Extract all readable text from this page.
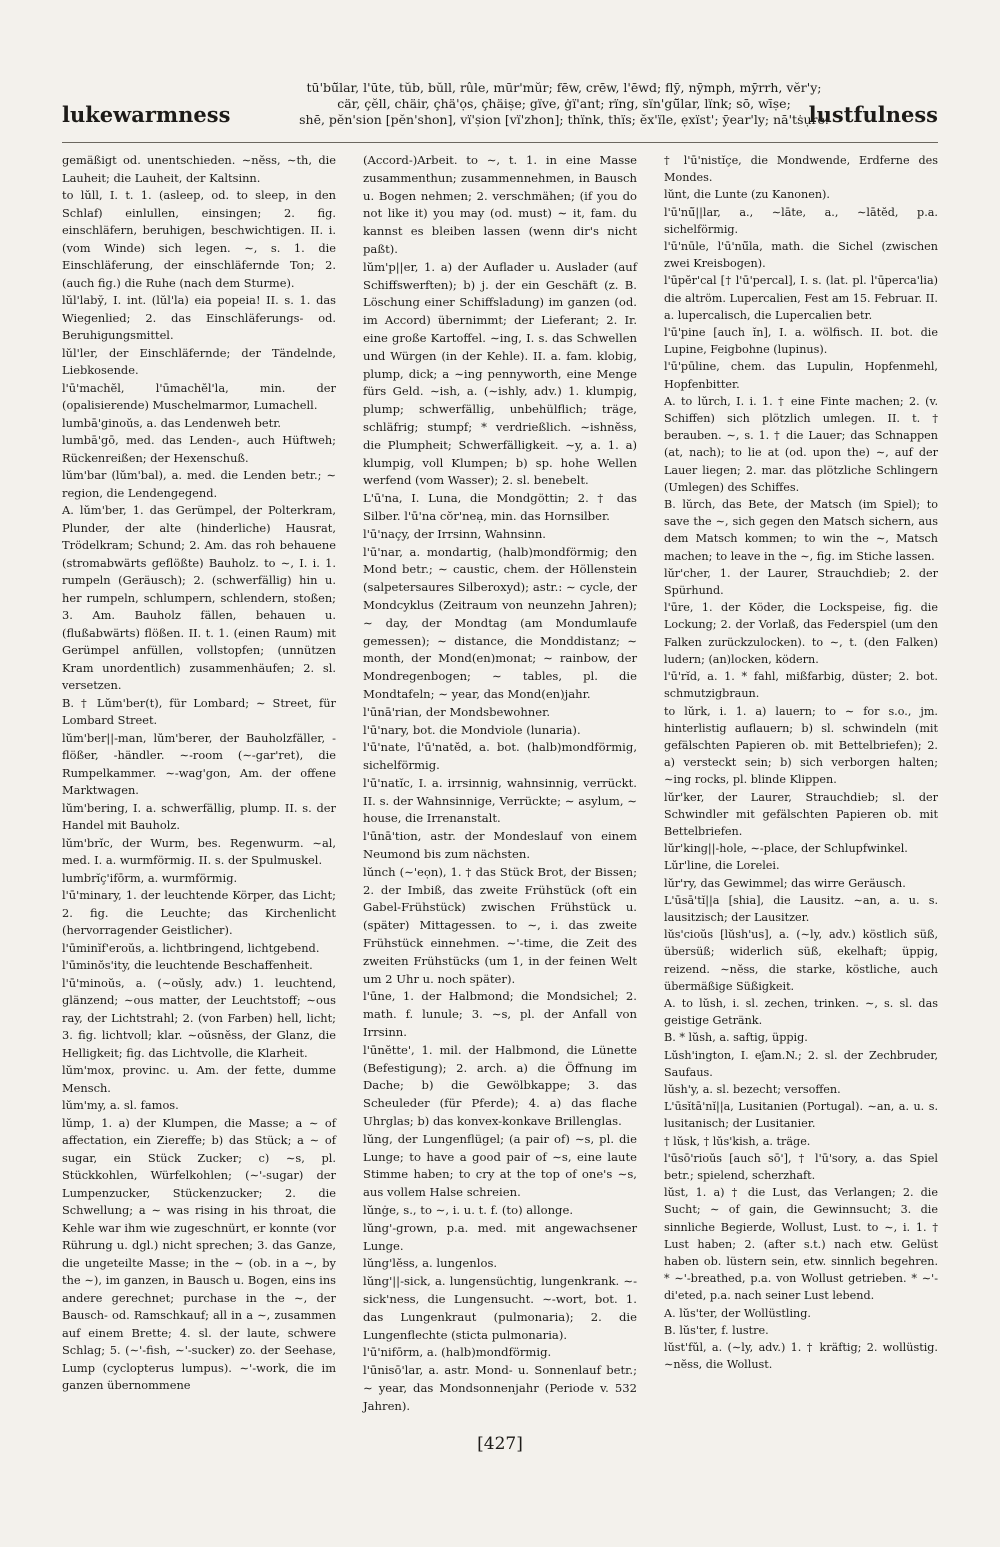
lukewarmness
tū'bū̆lar, l'ūte, tŭb, bŭll, rûle, mūr'mŭr; fēw, crēw, l'ēwd; flȳ, nȳmph, mȳrrh, vĕr'y;
cär, çĕll, chäir, çhä'ọs, çhäiṣe; gïve, ġï'ant; rïng, sïn'gū̆lar, lïnk; sō, wīṣe;
shē, pĕn'sion [pĕn'shon], vï'ṣion [vï'zhon]; thïnk, thïs; ĕx'ïle, ẹxïst'; ȳear'ly; nā'tṡụre.
lustfulness

gemäßigt od. unentschieden. ∼nĕss, ∼th, die Lauheit; die Lauheit, der Kaltsinn.

to lŭll, I. t. 1. (asleep, od. to sleep, in den Schlaf) einlullen, einsingen; 2. fig. einschläfern, beruhigen, beschwichtigen. II. i. (vom Winde) sich legen. ∼, s. 1. die Einschläferung, der einschläfernde Ton; 2. (auch fig.) die Ruhe (nach dem Sturme).

lŭl'laby̆, I. int. (lŭl'la) eia popeia! II. s. 1. das Wiegenlied; 2. das Einschläferungs- od. Beruhigungsmittel.

lŭl'ler, der Einschläfernde; der Tändelnde, Liebkosende.

l'ū'machĕl, l'ūmachĕl'la, min. der (opalisierende) Muschelmarmor, Lumachell.

lumbā'ginoŭs, a. das Lendenweh betr.

lumbā'gō, med. das Lenden-, auch Hüftweh; Rückenreißen; der Hexenschuß.

lŭm'bar (lŭm'bal), a. med. die Lenden betr.; ∼ region, die Lendengegend.

A. lŭm'ber, 1. das Gerümpel, der Polterkram, Plunder, der alte (hinderliche) Hausrat, Trödelkram; Schund; 2. Am. das roh behauene (stromabwärts geflößte) Bauholz. to ∼, I. i. 1. rumpeln (Geräusch); 2. (schwerfällig) hin u. her rumpeln, schlumpern, schlendern, stoßen; 3. Am. Bauholz fällen, behauen u. (flußabwärts) flößen. II. t. 1. (einen Raum) mit Gerümpel anfüllen, vollstopfen; (unnützen Kram unordentlich) zusammenhäufen; 2. sl. versetzen.

B. † Lŭm'ber(t), für Lombard; ∼ Street, für Lombard Street.

lŭm'ber||-man, lŭm'berer, der Bauholzfäller, -flößer, -händler. ∼-room (∼-gar'ret), die Rumpelkammer. ∼-wag'gon, Am. der offene Marktwagen.

lŭm'bering, I. a. schwerfällig, plump. II. s. der Handel mit Bauholz.

lŭm'brĭc, der Wurm, bes. Regenwurm. ∼al, med. I. a. wurmförmig. II. s. der Spulmuskel.

lumbrĭç'ifōrm, a. wurmförmig.

l'ū'minary, 1. der leuchtende Körper, das Licht; 2. fig. die Leuchte; das Kirchenlicht (hervorragender Geistlicher).

l'ūminĭf'eroŭs, a. lichtbringend, lichtgebend.

l'ūminŏs'ity, die leuchtende Beschaffenheit.

l'ū'minoŭs, a. (∼oŭsly, adv.) 1. leuchtend, glänzend; ∼ous matter, der Leuchtstoff; ∼ous ray, der Lichtstrahl; 2. (von Farben) hell, licht; 3. fig. lichtvoll; klar. ∼oŭsnĕss, der Glanz, die Helligkeit; fig. das Lichtvolle, die Klarheit.

lŭm'mox, provinc. u. Am. der fette, dumme Mensch.

lŭm'my, a. sl. famos.

lŭmp, 1. a) der Klumpen, die Masse; a ∼ of affectation, ein Ziereffe; b) das Stück; a ∼ of sugar, ein Stück Zucker; c) ∼s, pl. Stückkohlen, Würfelkohlen; (∼'-sugar) der Lumpenzucker, Stückenzucker; 2. die Schwellung; a ∼ was rising in his throat, die Kehle war ihm wie zugeschnürt, er konnte (vor Rührung u. dgl.) nicht sprechen; 3. das Ganze, die ungeteilte Masse; in the ∼ (ob. in a ∼, by the ∼), im ganzen, in Bausch u. Bogen, eins ins andere gerechnet; purchase in the ∼, der Bausch- od. Ramschkauf; all in a ∼, zusammen auf einem Brette; 4. sl. der laute, schwere Schlag; 5. (∼'-fish, ∼'-sucker) zo. der Seehase, Lump (cyclopterus lumpus). ∼'-work, die im ganzen übernommene

(Accord-)Arbeit. to ∼, t. 1. in eine Masse zusammenthun; zusammennehmen, in Bausch u. Bogen nehmen; 2. verschmähen; (if you do not like it) you may (od. must) ∼ it, fam. du kannst es bleiben lassen (wenn dir's nicht paßt).

lŭm'p||er, 1. a) der Auflader u. Auslader (auf Schiffswerften); b) j. der ein Geschäft (z. B. Löschung einer Schiffsladung) im ganzen (od. im Accord) übernimmt; der Lieferant; 2. Ir. eine große Kartoffel. ∼ing, I. s. das Schwellen und Würgen (in der Kehle). II. a. fam. klobig, plump, dick; a ∼ing pennyworth, eine Menge fürs Geld. ∼ish, a. (∼ishly, adv.) 1. klumpig, plump; schwerfällig, unbehülflich; träge, schläfrig; stumpf; * verdrießlich. ∼ishnĕss, die Plumpheit; Schwerfälligkeit. ∼y, a. 1. a) klumpig, voll Klumpen; b) sp. hohe Wellen werfend (vom Wasser); 2. sl. benebelt.

L'ū'na, I. Luna, die Mondgöttin; 2. † das Silber. l'ū'na cŏr'neạ, min. das Hornsilber.

l'ū'naçy, der Irrsinn, Wahnsinn.

l'ū'nar, a. mondartig, (halb)mondförmig; den Mond betr.; ∼ caustic, chem. der Höllenstein (salpetersaures Silberoxyd); astr.: ∼ cycle, der Mondcyklus (Zeitraum von neunzehn Jahren); ∼ day, der Mondtag (am Mondumlaufe gemessen); ∼ distance, die Monddistanz; ∼ month, der Mond(en)monat; ∼ rainbow, der Mondregenbogen; ∼ tables, pl. die Mondtafeln; ∼ year, das Mond(en)jahr.

l'ūnā'rian, der Mondsbewohner.

l'ū'nary, bot. die Mondviole (lunaria).

l'ū'nate, l'ū'natĕd, a. bot. (halb)mondförmig, sichelförmig.

l'ū'natĭc, I. a. irrsinnig, wahnsinnig, verrückt. II. s. der Wahnsinnige, Verrückte; ∼ asylum, ∼ house, die Irrenanstalt.

l'ūnā'tion, astr. der Mondeslauf von einem Neumond bis zum nächsten.

lŭnch (∼'eọn), 1. † das Stück Brot, der Bissen; 2. der Imbiß, das zweite Frühstück (oft ein Gabel-Frühstück) zwischen Frühstück u. (später) Mittagessen. to ∼, i. das zweite Frühstück einnehmen. ∼'-time, die Zeit des zweiten Frühstücks (um 1, in der feinen Welt um 2 Uhr u. noch später).

l'ūne, 1. der Halbmond; die Mondsichel; 2. math. f. lunule; 3. ∼s, pl. der Anfall von Irrsinn.

l'ūnĕtte', 1. mil. der Halbmond, die Lünette (Befestigung); 2. arch. a) die Öffnung im Dache; b) die Gewölbkappe; 3. das Scheuleder (für Pferde); 4. a) das flache Uhrglas; b) das konvex-konkave Brillenglas.

lŭng, der Lungenflügel; (a pair of) ∼s, pl. die Lunge; to have a good pair of ∼s, eine laute Stimme haben; to cry at the top of one's ∼s, aus vollem Halse schreien.

lŭnġe, s., to ∼, i. u. t. f. (to) allonge.

lŭng'-grown, p.a. med. mit angewachsener Lunge.

lŭng'lĕss, a. lungenlos.

lŭng'||-sick, a. lungensüchtig, lungenkrank. ∼-sick'ness, die Lungensucht. ∼-wort, bot. 1. das Lungenkraut (pulmonaria); 2. die Lungenflechte (sticta pulmonaria).

l'ū'nifōrm, a. (halb)mondförmig.

l'ūnisō'lar, a. astr. Mond- u. Sonnenlauf betr.; ∼ year, das Mondsonnenjahr (Periode v. 532 Jahren).

† l'ū'nistĭçe, die Mondwende, Erdferne des Mondes.

lŭnt, die Lunte (zu Kanonen).

l'ū'nū̆||lar, a., ∼lāte, a., ∼lātĕd, p.a. sichelförmig.

l'ū'nūle, l'ū'nū̆la, math. die Sichel (zwischen zwei Kreisbogen).

l'ūpĕr'cal [† l'ū'percal], I. s. (lat. pl. l'ūperca'lia) die altröm. Lupercalien, Fest am 15. Februar. II. a. lupercalisch, die Lupercalien betr.

l'ū'pine [auch ĭn], I. a. wölfisch. II. bot. die Lupine, Feigbohne (lupinus).

l'ū'pūline, chem. das Lupulin, Hopfenmehl, Hopfenbitter.

A. to lŭrch, I. i. 1. † eine Finte machen; 2. (v. Schiffen) sich plötzlich umlegen. II. t. † berauben. ∼, s. 1. † die Lauer; das Schnappen (at, nach); to lie at (od. upon the) ∼, auf der Lauer liegen; 2. mar. das plötzliche Schlingern (Umlegen) des Schiffes.

B. lŭrch, das Bete, der Matsch (im Spiel); to save the ∼, sich gegen den Matsch sichern, aus dem Matsch kommen; to win the ∼, Matsch machen; to leave in the ∼, fig. im Stiche lassen.

lŭr'cher, 1. der Laurer, Strauchdieb; 2. der Spürhund.

l'ūre, 1. der Köder, die Lockspeise, fig. die Lockung; 2. der Vorlaß, das Federspiel (um den Falken zurückzulocken). to ∼, t. (den Falken) ludern; (an)locken, ködern.

l'ū'rĭd, a. 1. * fahl, mißfarbig, düster; 2. bot. schmutzigbraun.

to lŭrk, i. 1. a) lauern; to ∼ for s.o., jm. hinterlistig auflauern; b) sl. schwindeln (mit gefälschten Papieren ob. mit Bettelbriefen); 2. a) versteckt sein; b) sich verborgen halten; ∼ing rocks, pl. blinde Klippen.

lŭr'ker, der Laurer, Strauchdieb; sl. der Schwindler mit gefälschten Papieren ob. mit Bettelbriefen.

lŭr'king||-hole, ∼-place, der Schlupfwinkel.

Lŭr'line, die Lorelei.

lŭr'ry, das Gewimmel; das wirre Geräusch.

L'ūsā'tĭ||a [shia], die Lausitz. ∼an, a. u. s. lausitzisch; der Lausitzer.

lŭs'cioŭs [lŭsh'us], a. (∼ly, adv.) köstlich süß, übersüß; widerlich süß, ekelhaft; üppig, reizend. ∼nĕss, die starke, köstliche, auch übermäßige Süßigkeit.

A. to lŭsh, i. sl. zechen, trinken. ∼, s. sl. das geistige Getränk.

B. * lŭsh, a. saftig, üppig.

Lŭsh'ington, I. eʃam.N.; 2. sl. der Zechbruder, Saufaus.

lŭsh'y, a. sl. bezecht; versoffen.

L'ūsĭtā'nĭ||a, Lusitanien (Portugal). ∼an, a. u. s. lusitanisch; der Lusitanier.

† lŭsk, † lŭs'kish, a. träge.

l'ūsō'rioŭs [auch sō'], † l'ū'sory, a. das Spiel betr.; spielend, scherzhaft.

lŭst, 1. a) † die Lust, das Verlangen; 2. die Sucht; ∼ of gain, die Gewinnsucht; 3. die sinnliche Begierde, Wollust, Lust. to ∼, i. 1. † Lust haben; 2. (after s.t.) nach etw. Gelüst haben ob. lüstern sein, etw. sinnlich begehren. * ∼'-breathed, p.a. von Wollust getrieben. * ∼'-di'eted, p.a. nach seiner Lust lebend.

A. lŭs'ter, der Wollüstling.

B. lŭs'ter, f. lustre.

lŭst'fŭl, a. (∼ly, adv.) 1. † kräftig; 2. wollüstig. ∼nĕss, die Wollust.

[427]
